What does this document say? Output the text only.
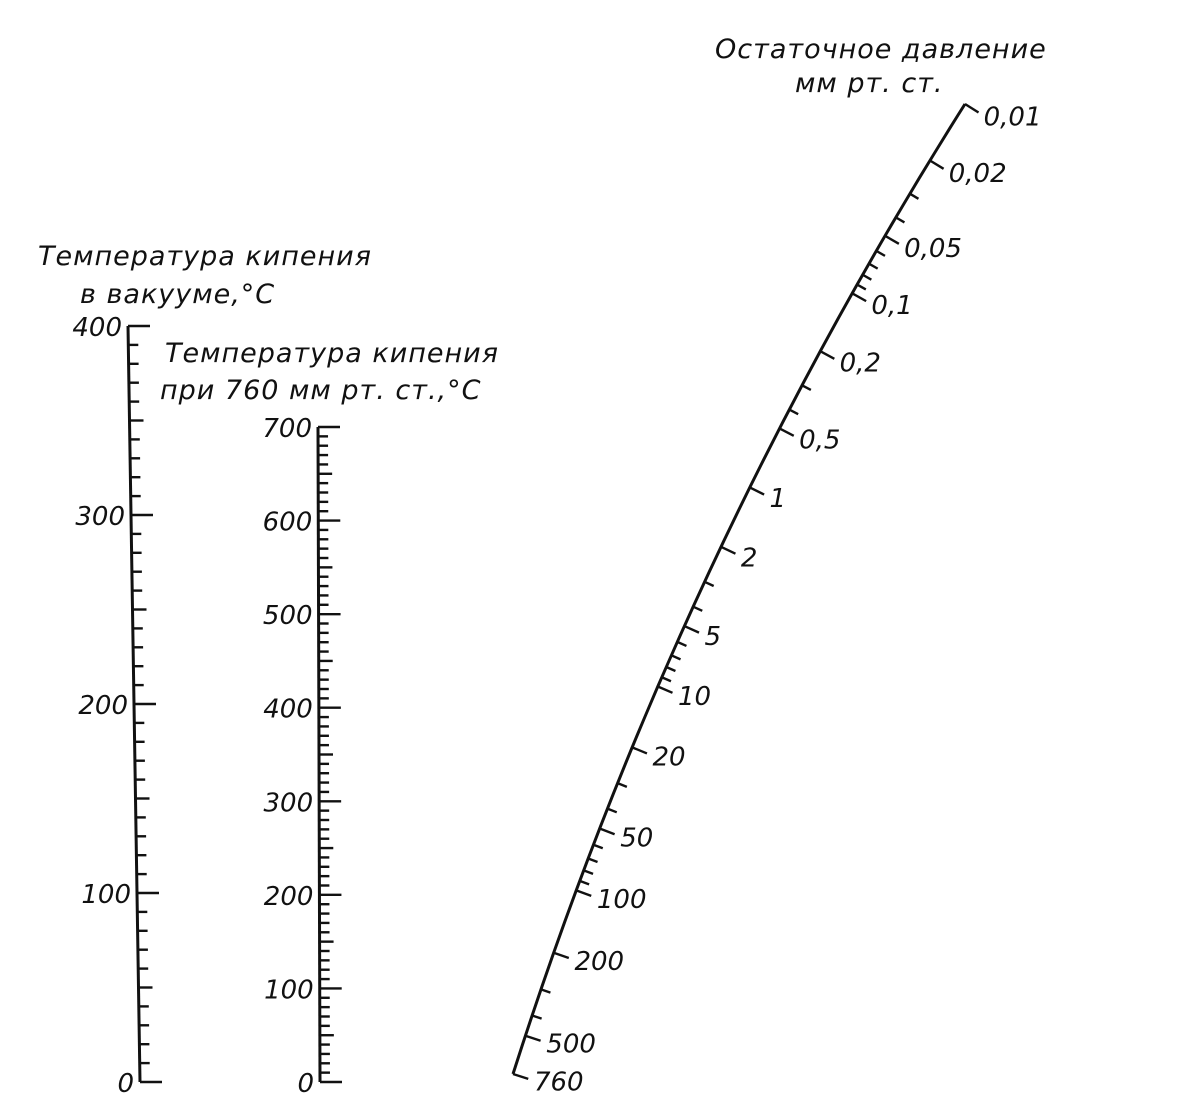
Температура кипения
в вакууме,°C
0
100
200
300
400
Температура кипения
при 760 мм рт. ст.,°C
0
100
200
300
400
500
600
700
Остаточное давление
мм рт. ст.
0,01
0,02
0,05
0,1
0,2
0,5
1
2
5
10
20
50
100
200
500
760
